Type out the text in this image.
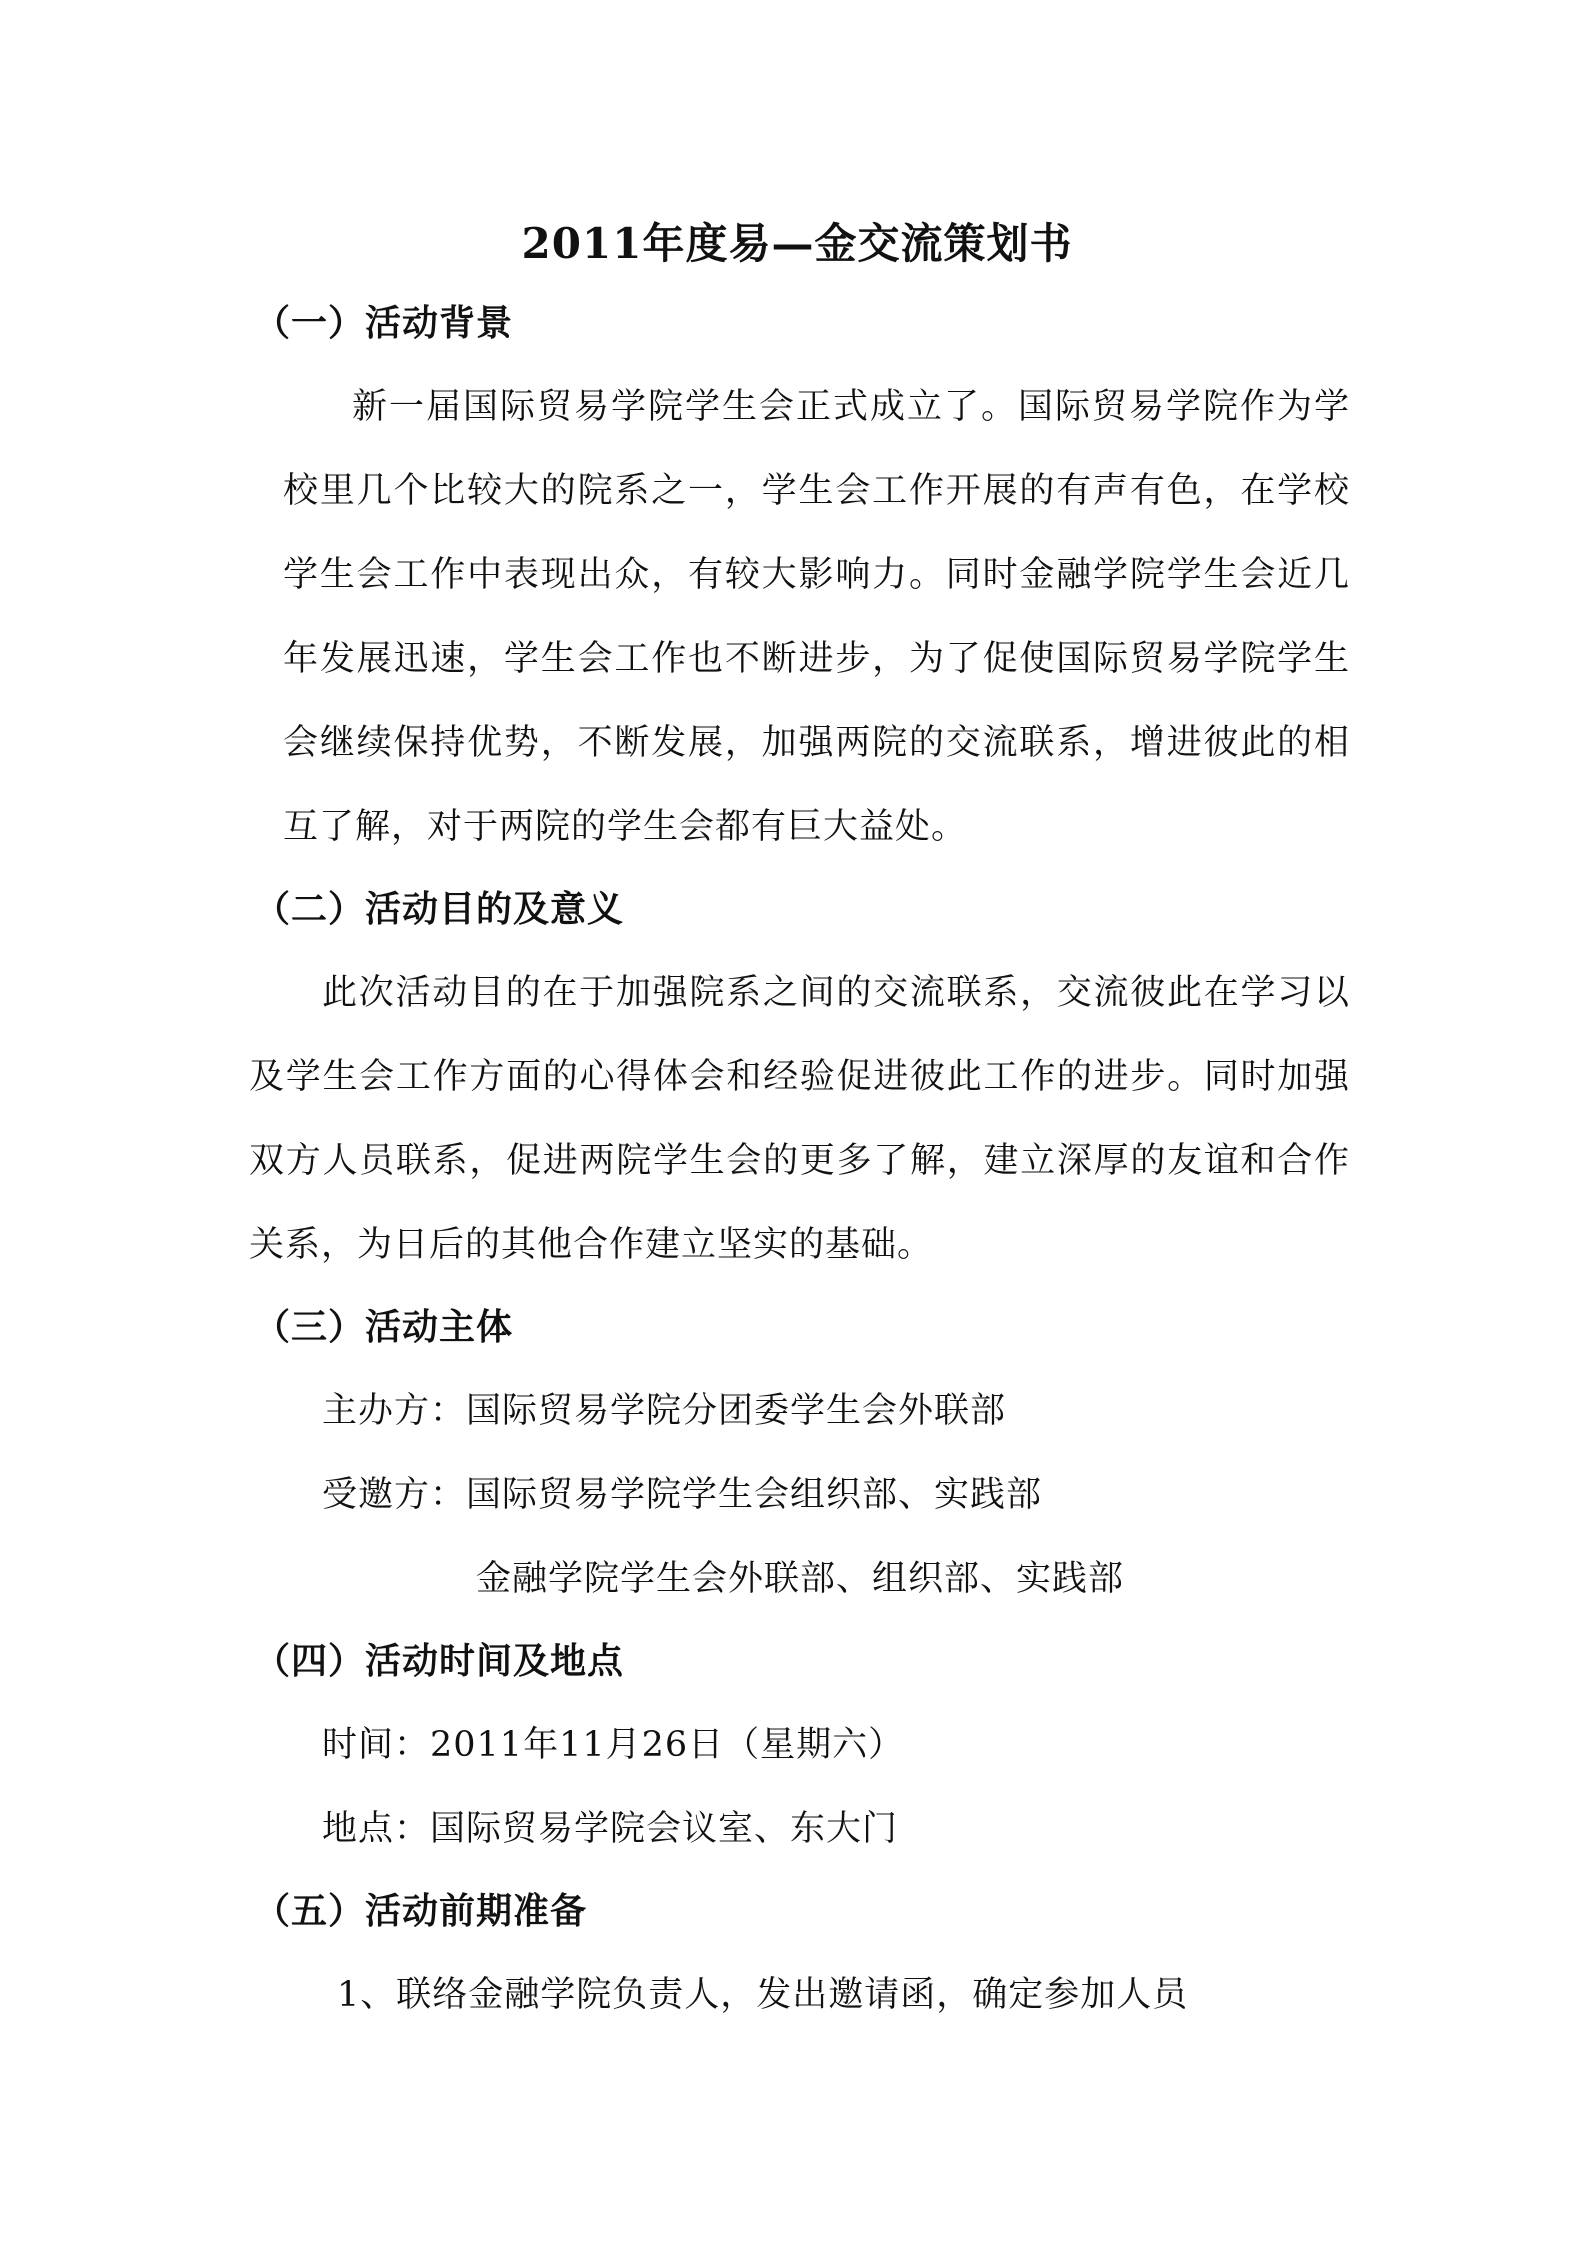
2011年度易—金交流策划书
（一）活动背景
新一届国际贸易学院学生会正式成立了。国际贸易学院作为学
校里几个比较大的院系之一，学生会工作开展的有声有色，在学校
学生会工作中表现出众，有较大影响力。同时金融学院学生会近几
年发展迅速，学生会工作也不断进步，为了促使国际贸易学院学生
会继续保持优势，不断发展，加强两院的交流联系，增进彼此的相
互了解，对于两院的学生会都有巨大益处。
（二）活动目的及意义
此次活动目的在于加强院系之间的交流联系，交流彼此在学习以
及学生会工作方面的心得体会和经验促进彼此工作的进步。同时加强
双方人员联系，促进两院学生会的更多了解，建立深厚的友谊和合作
关系，为日后的其他合作建立坚实的基础。
（三）活动主体
主办方：国际贸易学院分团委学生会外联部
受邀方：国际贸易学院学生会组织部、实践部
金融学院学生会外联部、组织部、实践部
（四）活动时间及地点
时间：2011年11月26日（星期六）
地点：国际贸易学院会议室、东大门
（五）活动前期准备
1、联络金融学院负责人，发出邀请函，确定参加人员
